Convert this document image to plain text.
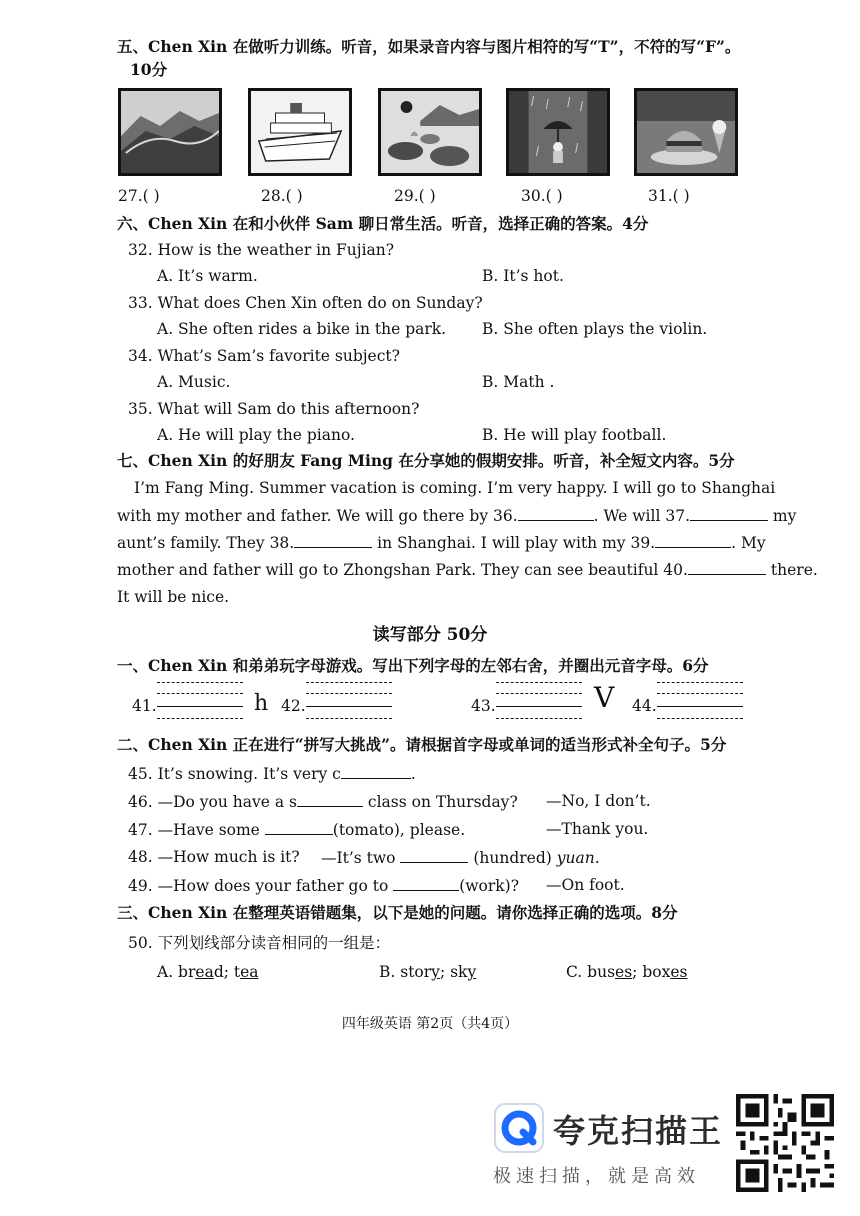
五、Chen Xin 在做听力训练。听音，如果录音内容与图片相符的写“T”，不符的写“F”。
10分
27.( )	28.( )	29.( )	30.( )	31.( )
六、Chen Xin 在和小伙伴 Sam 聊日常生活。听音，选择正确的答案。4分
32. How is the weather in Fujian?
A. It’s warm.	B. It’s hot.
33. What does Chen Xin often do on Sunday?
A. She often rides a bike in the park. B. She often plays the violin.
34. What’s Sam’s favorite subject?
A. Music.	B. Math .
35. What will Sam do this afternoon?
A. He will play the piano.	B. He will play football.
七、Chen Xin 的好朋友 Fang Ming 在分享她的假期安排。听音，补全短文内容。5分
I’m Fang Ming. Summer vacation is coming. I’m very happy. I will go to Shanghai
with my mother and father. We will go there by 36.	. We will 37.	my
aunt’s family. They 38.	in Shanghai. I will play with my 39.	. My
mother and father will go to Zhongshan Park. They can see beautiful 40.	there.
It will be nice.
读写部分 50分
一、Chen Xin 和弟弟玩字母游戏。写出下列字母的左邻右舍，并圈出元音字母。6分
41.	h 42.	43.	V 44.
二、Chen Xin 正在进行“拼写大挑战”。请根据首字母或单词的适当形式补全句子。5分
45. It’s snowing. It’s very c	.
46. —Do you have a s	class on Thursday? —No, I don’t.
47. —Have some	(tomato), please.	—Thank you.
48. —How much is it? —It’s two	(hundred) yuan.
49. —How does your father go to	(work)? —On foot.
三、Chen Xin 在整理英语错题集，以下是她的问题。请你选择正确的选项。8分
50. 下列划线部分读音相同的一组是：
A. bread; tea	B. story; sky	C. buses; boxes
四年级英语 第2页（共4页）
夸克扫描王
极速扫描，就是高效
